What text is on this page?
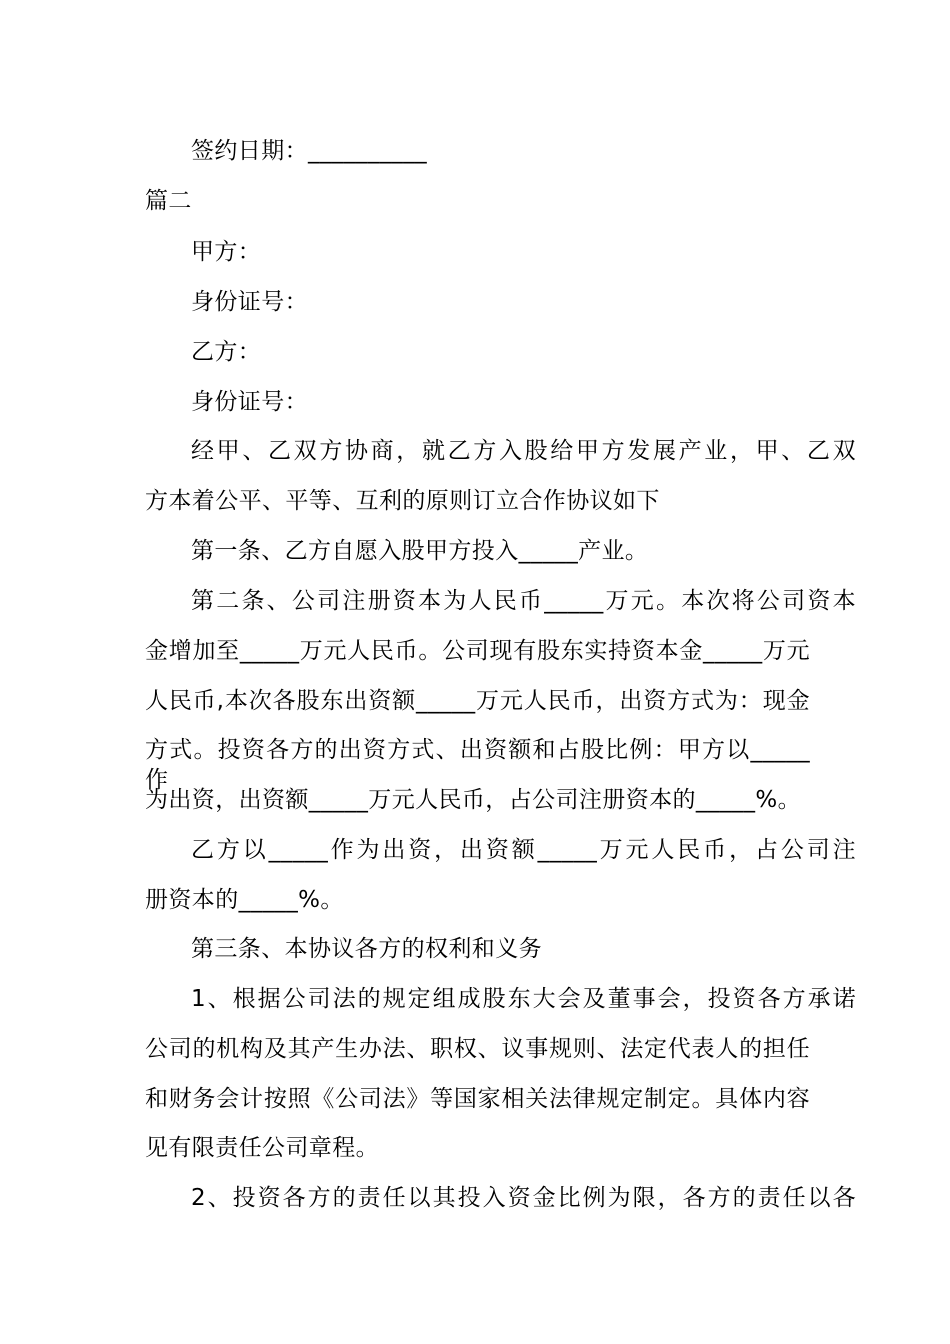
签约日期：__________
篇二
甲方：
身份证号：
乙方：
身份证号：
经甲、乙双方协商，就乙方入股给甲方发展产业，甲、乙双
方本着公平、平等、互利的原则订立合作协议如下
第一条、乙方自愿入股甲方投入_____产业。
第二条、公司注册资本为人民币_____万元。本次将公司资本
金增加至_____万元人民币。公司现有股东实持资本金_____万元
人民币,本次各股东出资额_____万元人民币，出资方式为：现金
方式。投资各方的出资方式、出资额和占股比例：甲方以_____作
为出资，出资额_____万元人民币，占公司注册资本的_____%。
乙方以_____作为出资，出资额_____万元人民币，占公司注
册资本的_____%。
第三条、本协议各方的权利和义务
1、根据公司法的规定组成股东大会及董事会，投资各方承诺
公司的机构及其产生办法、职权、议事规则、法定代表人的担任
和财务会计按照《公司法》等国家相关法律规定制定。具体内容
见有限责任公司章程。
2、投资各方的责任以其投入资金比例为限，各方的责任以各
